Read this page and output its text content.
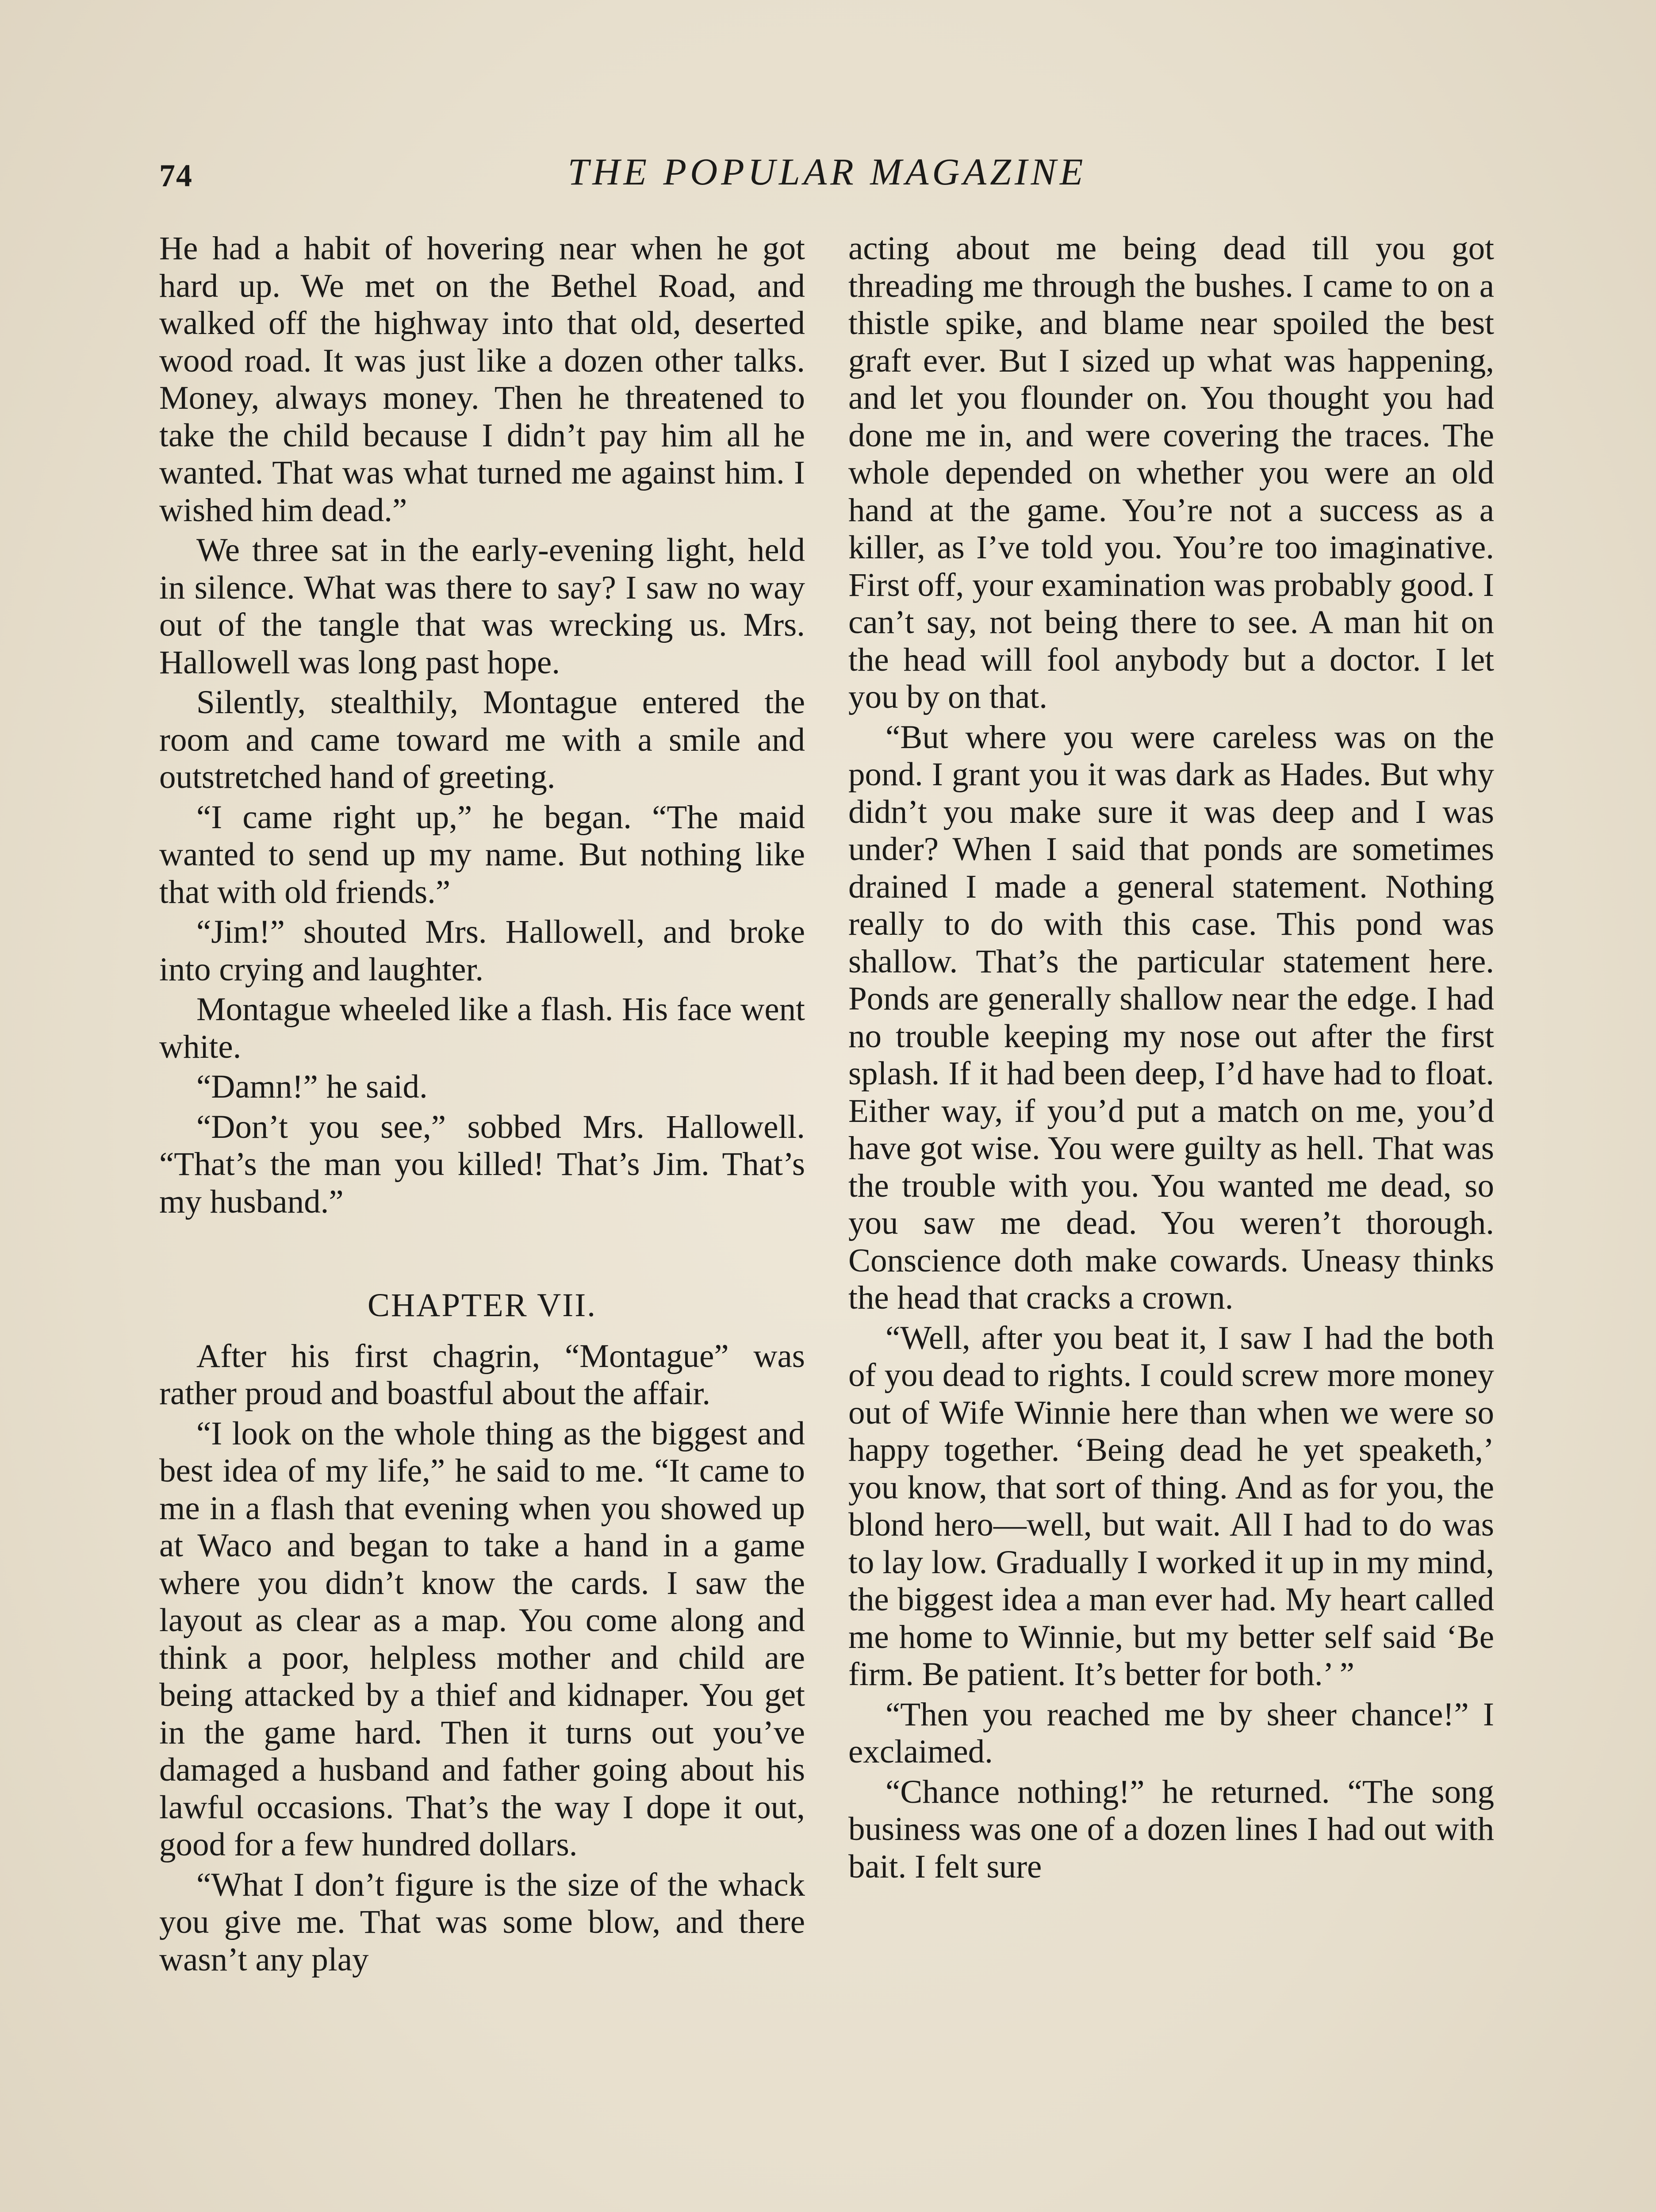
74	THE POPULAR MAGAZINE

He had a habit of hovering near when he got hard up. We met on the Bethel Road, and walked off the highway into that old, deserted wood road. It was just like a dozen other talks. Money, always money. Then he threatened to take the child because I didn’t pay him all he wanted. That was what turned me against him. I wished him dead.”

We three sat in the early-evening light, held in silence. What was there to say? I saw no way out of the tangle that was wrecking us. Mrs. Hallowell was long past hope.

Silently, stealthily, Montague entered the room and came toward me with a smile and outstretched hand of greeting.

“I came right up,” he began. “The maid wanted to send up my name. But nothing like that with old friends.”

“Jim!” shouted Mrs. Hallowell, and broke into crying and laughter.

Montague wheeled like a flash. His face went white.

“Damn!” he said.

“Don’t you see,” sobbed Mrs. Hallowell. “That’s the man you killed! That’s Jim. That’s my husband.”

CHAPTER VII.

After his first chagrin, “Montague” was rather proud and boastful about the affair.

“I look on the whole thing as the biggest and best idea of my life,” he said to me. “It came to me in a flash that evening when you showed up at Waco and began to take a hand in a game where you didn’t know the cards. I saw the layout as clear as a map. You come along and think a poor, helpless mother and child are being attacked by a thief and kidnaper. You get in the game hard. Then it turns out you’ve damaged a husband and father going about his lawful occasions. That’s the way I dope it out, good for a few hundred dollars.

“What I don’t figure is the size of the whack you give me. That was some blow, and there wasn’t any play

acting about me being dead till you got threading me through the bushes. I came to on a thistle spike, and blame near spoiled the best graft ever. But I sized up what was happening, and let you flounder on. You thought you had done me in, and were covering the traces. The whole depended on whether you were an old hand at the game. You’re not a success as a killer, as I’ve told you. You’re too imaginative. First off, your examination was probably good. I can’t say, not being there to see. A man hit on the head will fool anybody but a doctor. I let you by on that.

“But where you were careless was on the pond. I grant you it was dark as Hades. But why didn’t you make sure it was deep and I was under? When I said that ponds are sometimes drained I made a general statement. Nothing really to do with this case. This pond was shallow. That’s the particular statement here. Ponds are generally shallow near the edge. I had no trouble keeping my nose out after the first splash. If it had been deep, I’d have had to float. Either way, if you’d put a match on me, you’d have got wise. You were guilty as hell. That was the trouble with you. You wanted me dead, so you saw me dead. You weren’t thorough. Conscience doth make cowards. Uneasy thinks the head that cracks a crown.

“Well, after you beat it, I saw I had the both of you dead to rights. I could screw more money out of Wife Winnie here than when we were so happy together. ‘Being dead he yet speaketh,’ you know, that sort of thing. And as for you, the blond hero—well, but wait. All I had to do was to lay low. Gradually I worked it up in my mind, the biggest idea a man ever had. My heart called me home to Winnie, but my better self said ‘Be firm. Be patient. It’s better for both.’ ”

“Then you reached me by sheer chance!” I exclaimed.

“Chance nothing!” he returned. “The song business was one of a dozen lines I had out with bait. I felt sure
